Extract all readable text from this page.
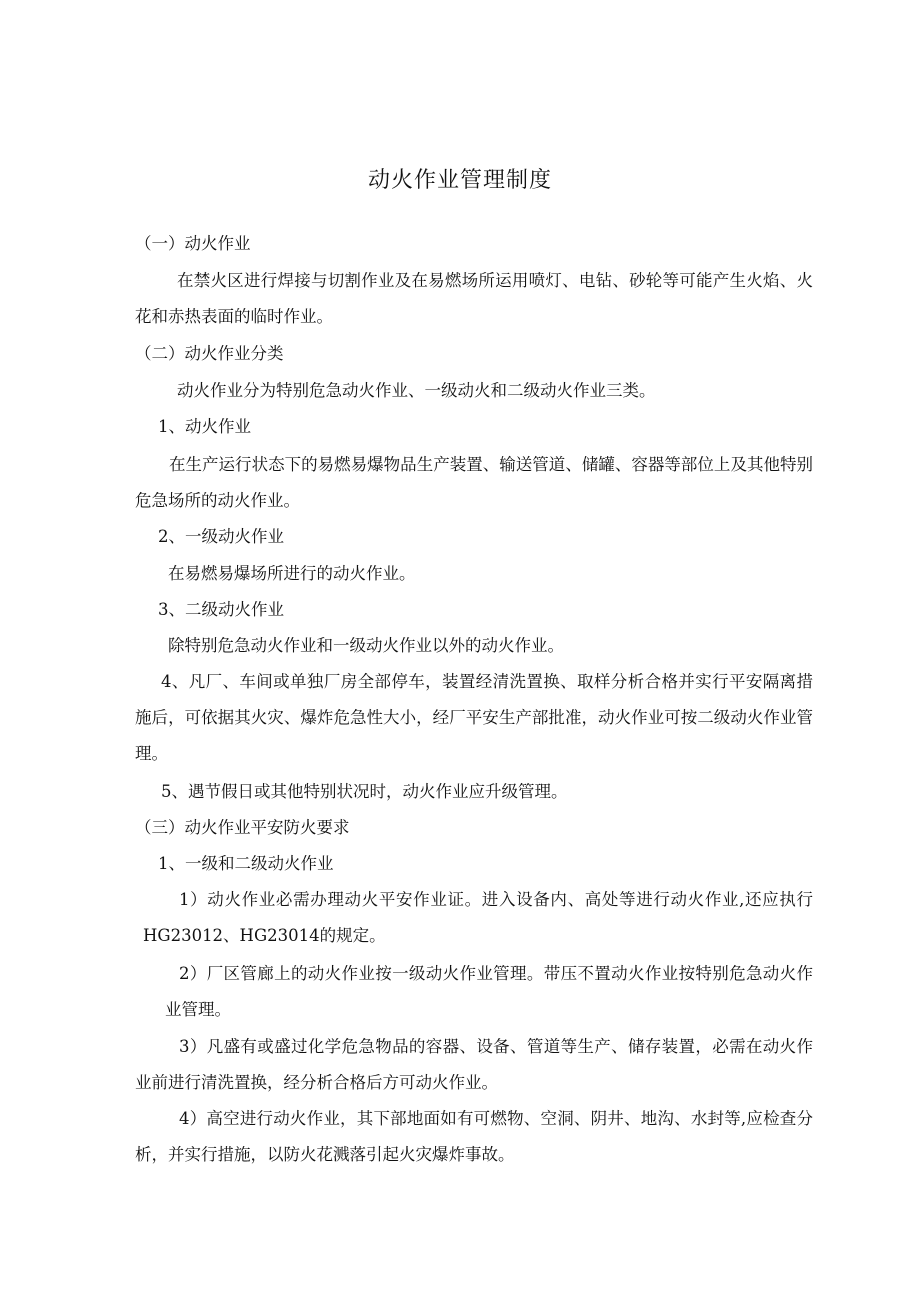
动火作业管理制度
（一）动火作业
在禁火区进行焊接与切割作业及在易燃场所运用喷灯、电钻、砂轮等可能产生火焰、火花和赤热表面的临时作业。
（二）动火作业分类
动火作业分为特别危急动火作业、一级动火和二级动火作业三类。
1、动火作业
在生产运行状态下的易燃易爆物品生产装置、输送管道、储罐、容器等部位上及其他特别危急场所的动火作业。
2、一级动火作业
在易燃易爆场所进行的动火作业。
3、二级动火作业
除特别危急动火作业和一级动火作业以外的动火作业。
4、凡厂、车间或单独厂房全部停车，装置经清洗置换、取样分析合格并实行平安隔离措施后，可依据其火灾、爆炸危急性大小，经厂平安生产部批准，动火作业可按二级动火作业管理。
5、遇节假日或其他特别状况时，动火作业应升级管理。
（三）动火作业平安防火要求
1、一级和二级动火作业
1）动火作业必需办理动火平安作业证。进入设备内、高处等进行动火作业,还应执行HG23012、HG23014的规定。
2）厂区管廊上的动火作业按一级动火作业管理。带压不置动火作业按特别危急动火作业管理。
3）凡盛有或盛过化学危急物品的容器、设备、管道等生产、储存装置，必需在动火作业前进行清洗置换，经分析合格后方可动火作业。
4）高空进行动火作业，其下部地面如有可燃物、空洞、阴井、地沟、水封等,应检查分析，并实行措施，以防火花溅落引起火灾爆炸事故。
